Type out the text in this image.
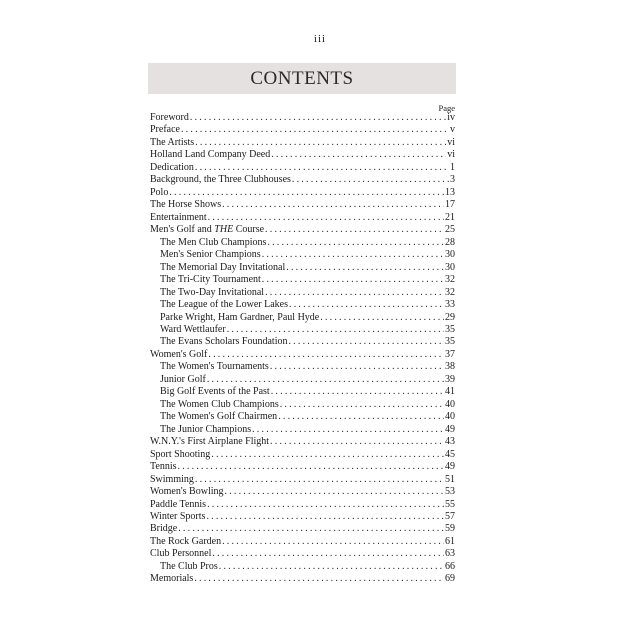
iii
CONTENTS
Page
Foreword .....	iv
Preface .....	v
The Artists .....	vi
Holland Land Company Deed .....	vi
Dedication .....	1
Background, the Three Clubhouses .....	3
Polo .....	13
The Horse Shows .....	17
Entertainment .....	21
Men's Golf and THE Course .....	25
The Men Club Champions .....	28
Men's Senior Champions .....	30
The Memorial Day Invitational .....	30
The Tri-City Tournament .....	32
The Two-Day Invitational .....	32
The League of the Lower Lakes .....	33
Parke Wright, Ham Gardner, Paul Hyde .....	29
Ward Wettlaufer .....	35
The Evans Scholars Foundation .....	35
Women's Golf .....	37
The Women's Tournaments .....	38
Junior Golf .....	39
Big Golf Events of the Past .....	41
The Women Club Champions .....	40
The Women's Golf Chairmen .....	40
The Junior Champions .....	49
W.N.Y.'s First Airplane Flight .....	43
Sport Shooting .....	45
Tennis .....	49
Swimming .....	51
Women's Bowling .....	53
Paddle Tennis .....	55
Winter Sports .....	57
Bridge .....	59
The Rock Garden .....	61
Club Personnel .....	63
The Club Pros .....	66
Memorials .....	69
